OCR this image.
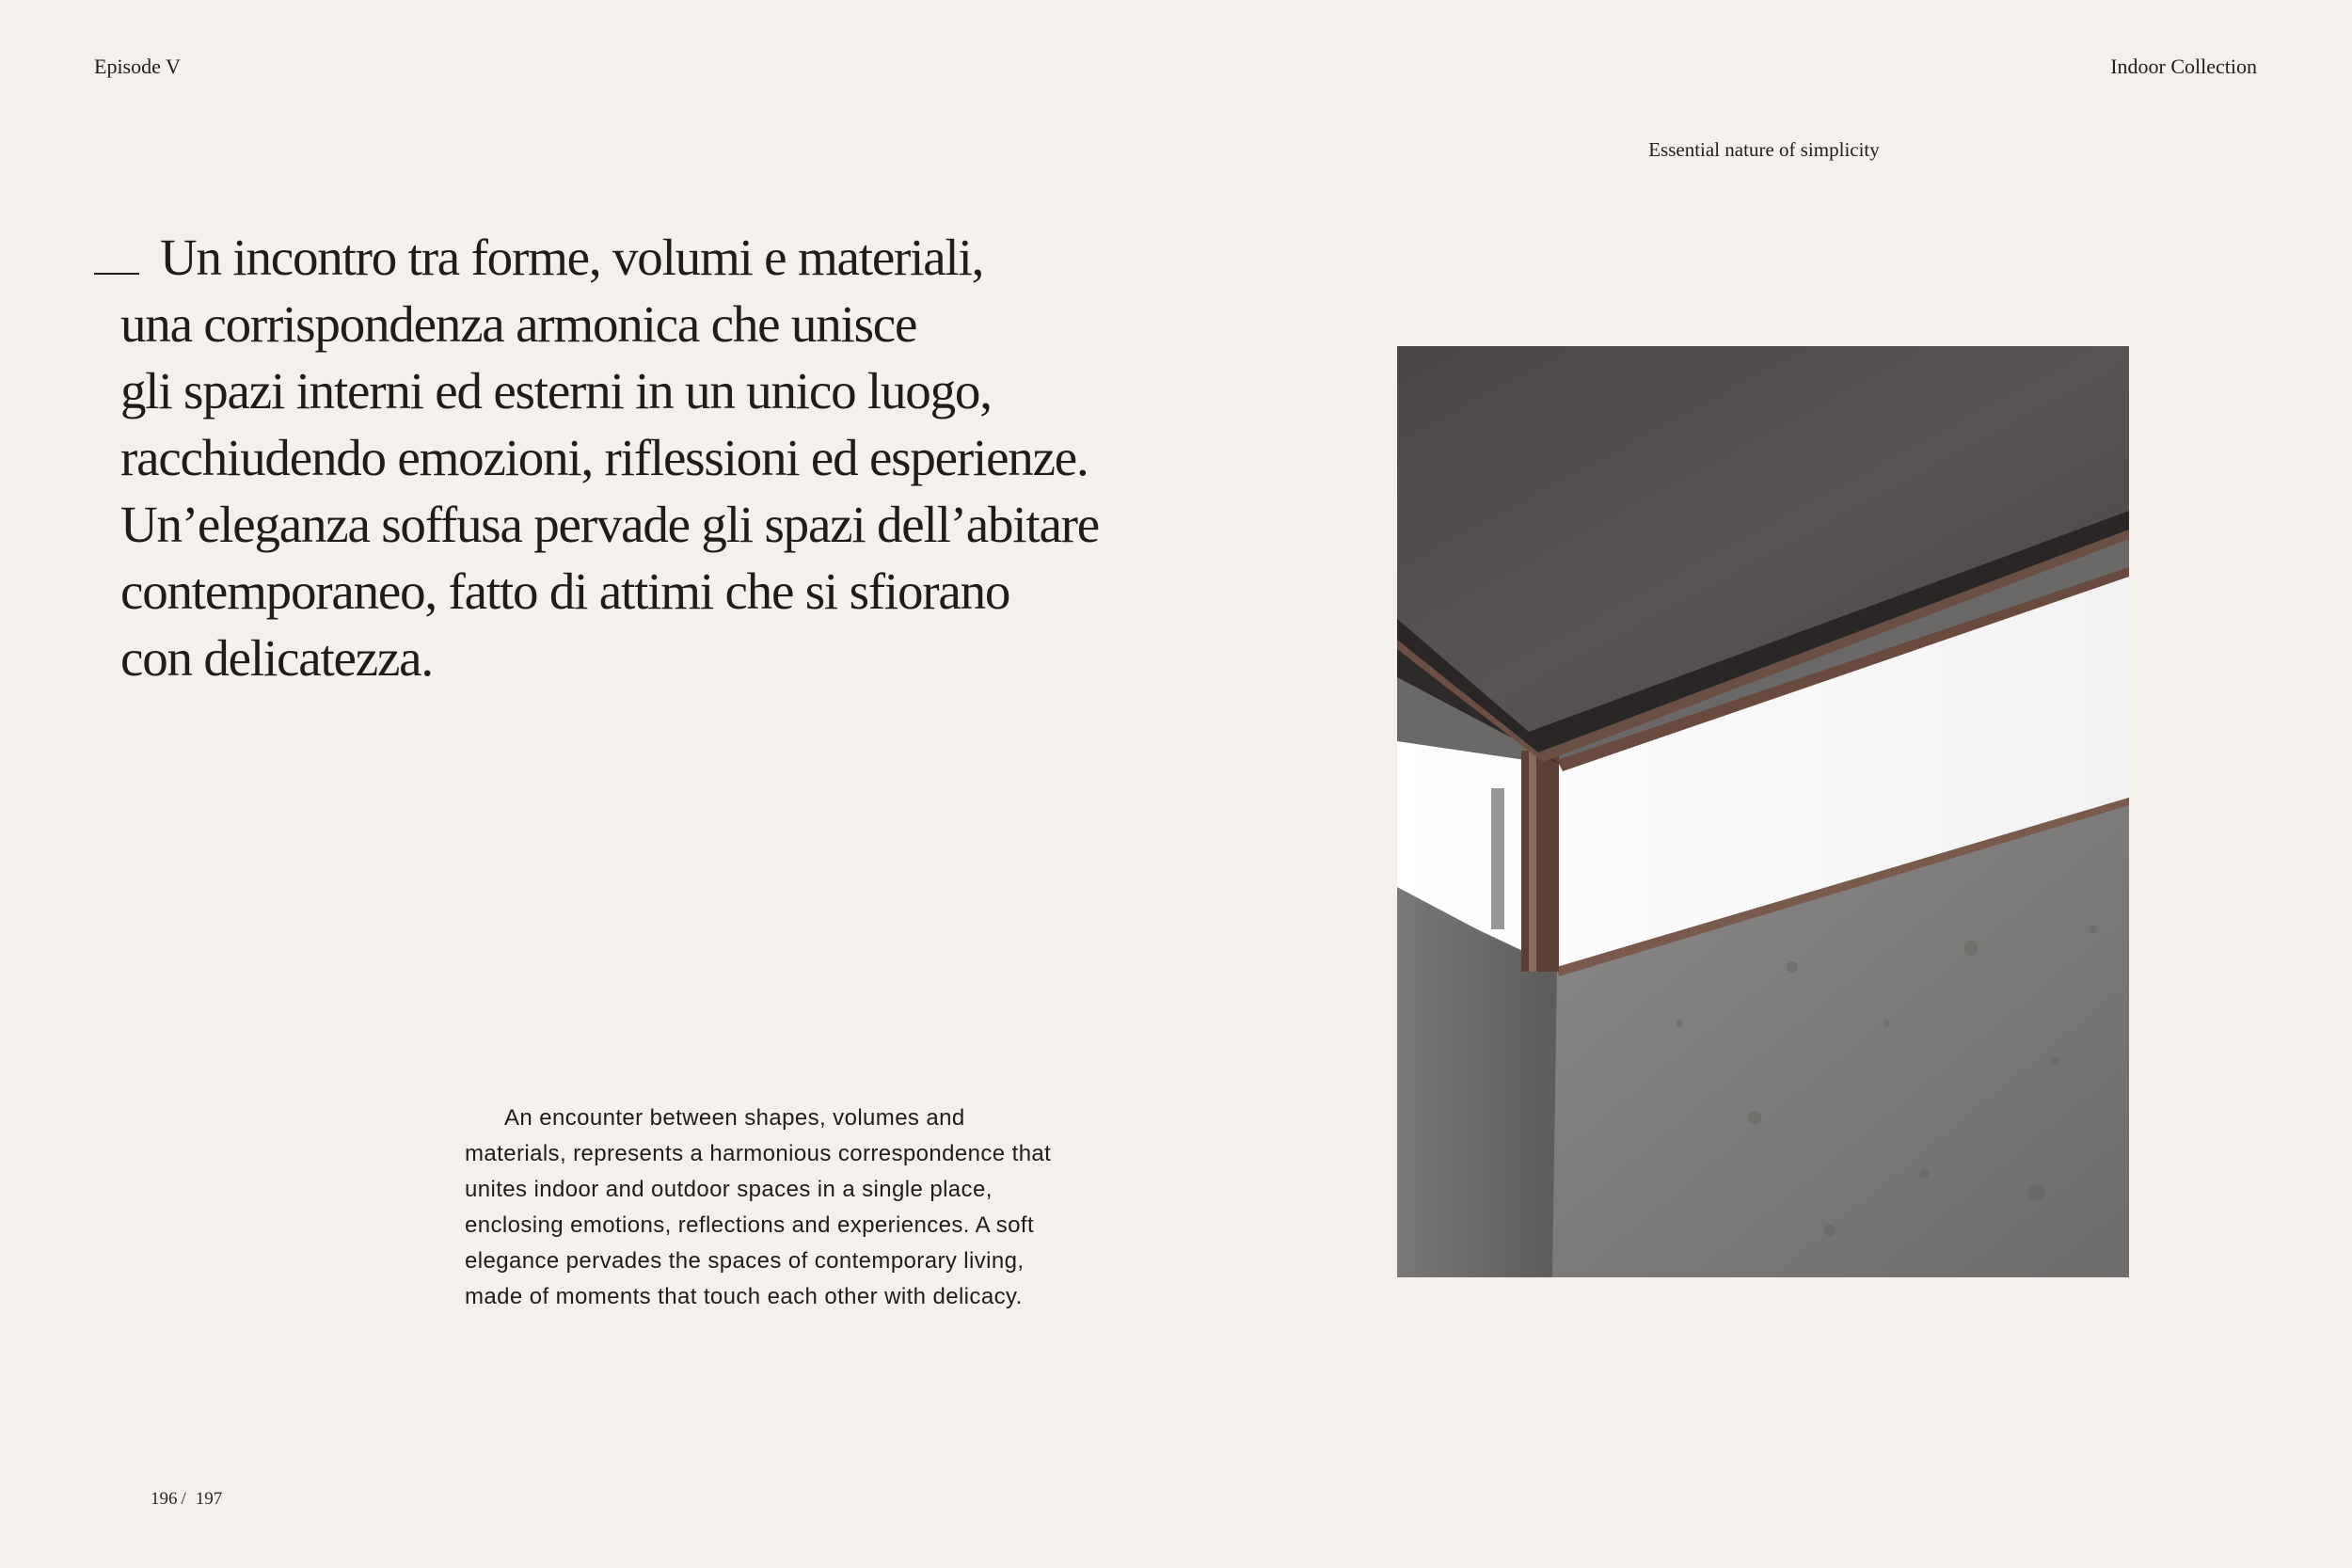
Episode V	Indoor Collection
Essential nature of simplicity
Un incontro tra forme, volumi e materiali,
una corrispondenza armonica che unisce
gli spazi interni ed esterni in un unico luogo,
racchiudendo emozioni, riflessioni ed esperienze.
Un’eleganza soffusa pervade gli spazi dell’abitare
contemporaneo, fatto di attimi che si sfiorano
con delicatezza.

An encounter between shapes, volumes and materials, represents a harmonious correspondence that unites indoor and outdoor spaces in a single place, enclosing emotions, reflections and experiences. A soft elegance pervades the spaces of contemporary living, made of moments that touch each other with delicacy.

196 / 197
